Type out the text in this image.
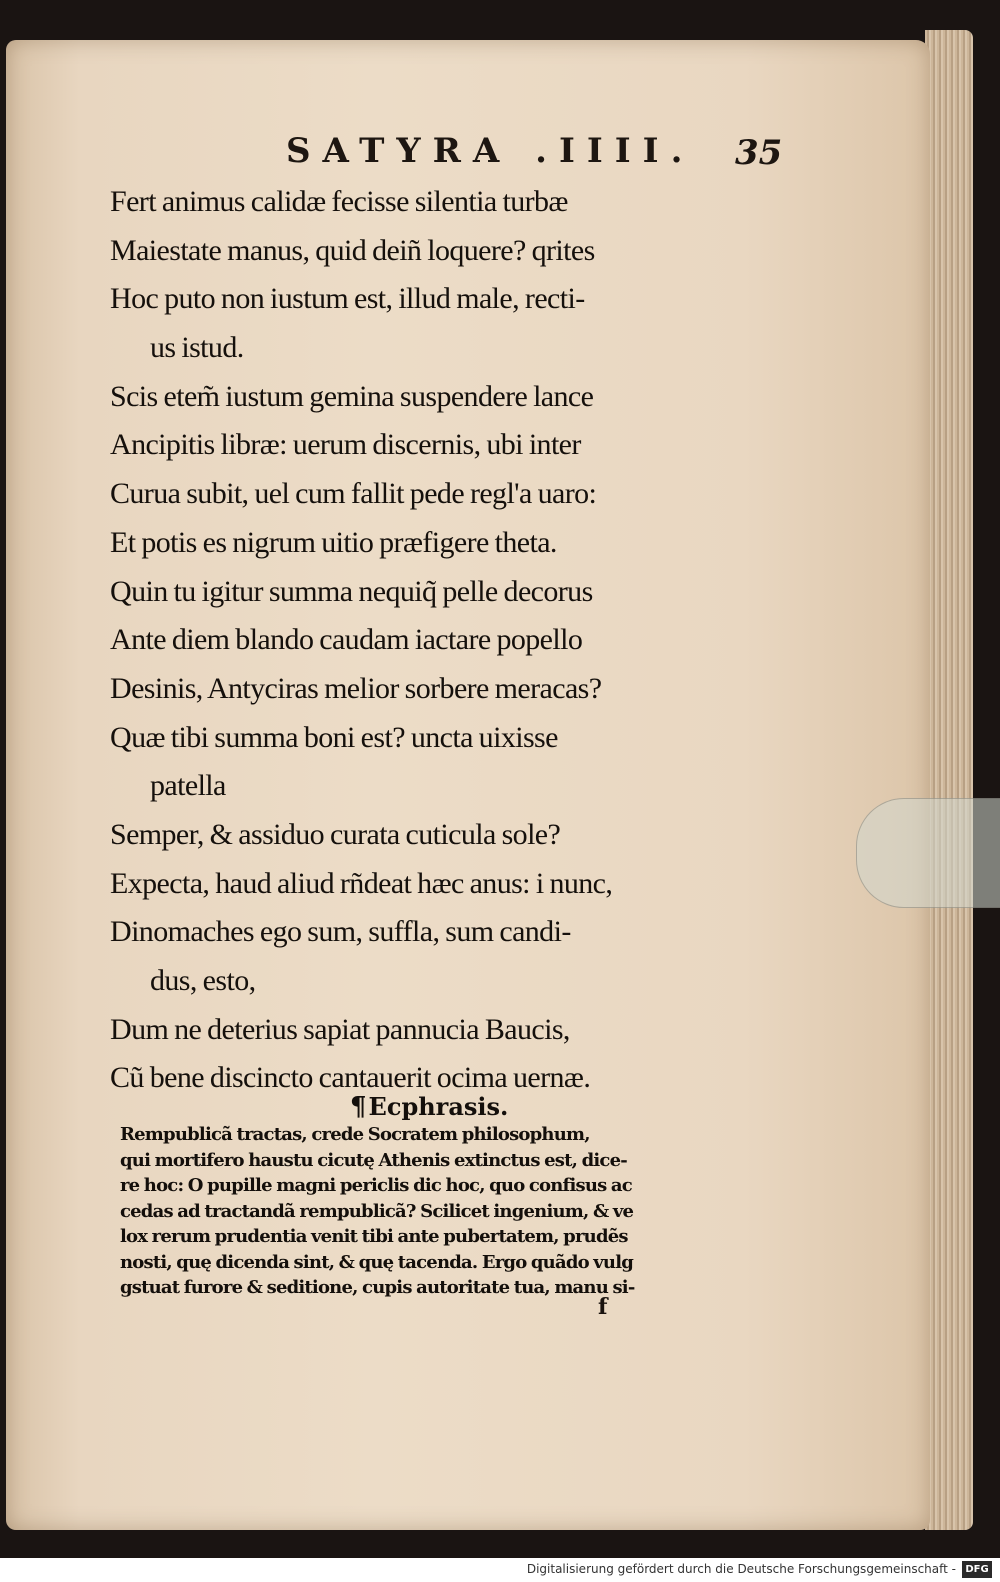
SATYRA .IIII. 35
Fert animus calidæ fecisse silentia turbæ
Maiestate manus, quid deiñ loquere? qrites
Hoc puto non iustum est, illud male, recti-
us istud.
Scis etem̃ iustum gemina suspendere lance
Ancipitis libræ: uerum discernis, ubi inter
Curua subit, uel cum fallit pede regl'a uaro:
Et potis es nigrum uitio præfigere theta.
Quin tu igitur summa nequiq̃ pelle decorus
Ante diem blando caudam iactare popello
Desinis, Antyciras melior sorbere meracas?
Quæ tibi summa boni est? uncta uixisse
patella
Semper, & assiduo curata cuticula sole?
Expecta, haud aliud rñdeat hæc anus: i nunc,
Dinomaches ego sum, suffla, sum candi-
dus, esto,
Dum ne deterius sapiat pannucia Baucis,
Cũ bene discincto cantauerit ocima uernæ.
¶Ecphrasis.
Rempublicã tractas, crede Socratem philosophum,
qui mortifero haustu cicutę Athenis extinctus est, dice-
re hoc: O pupille magni periclis dic hoc, quo confisus ac
cedas ad tractandã rempublicã? Scilicet ingenium, & ve
lox rerum prudentia venit tibi ante pubertatem, prudẽs
nosti, quę dicenda sint, & quę tacenda. Ergo quãdo vulg
gstuat furore & seditione, cupis autoritate tua, manu si-
f
Digitalisierung gefördert durch die Deutsche Forschungsgemeinschaft - DFG
